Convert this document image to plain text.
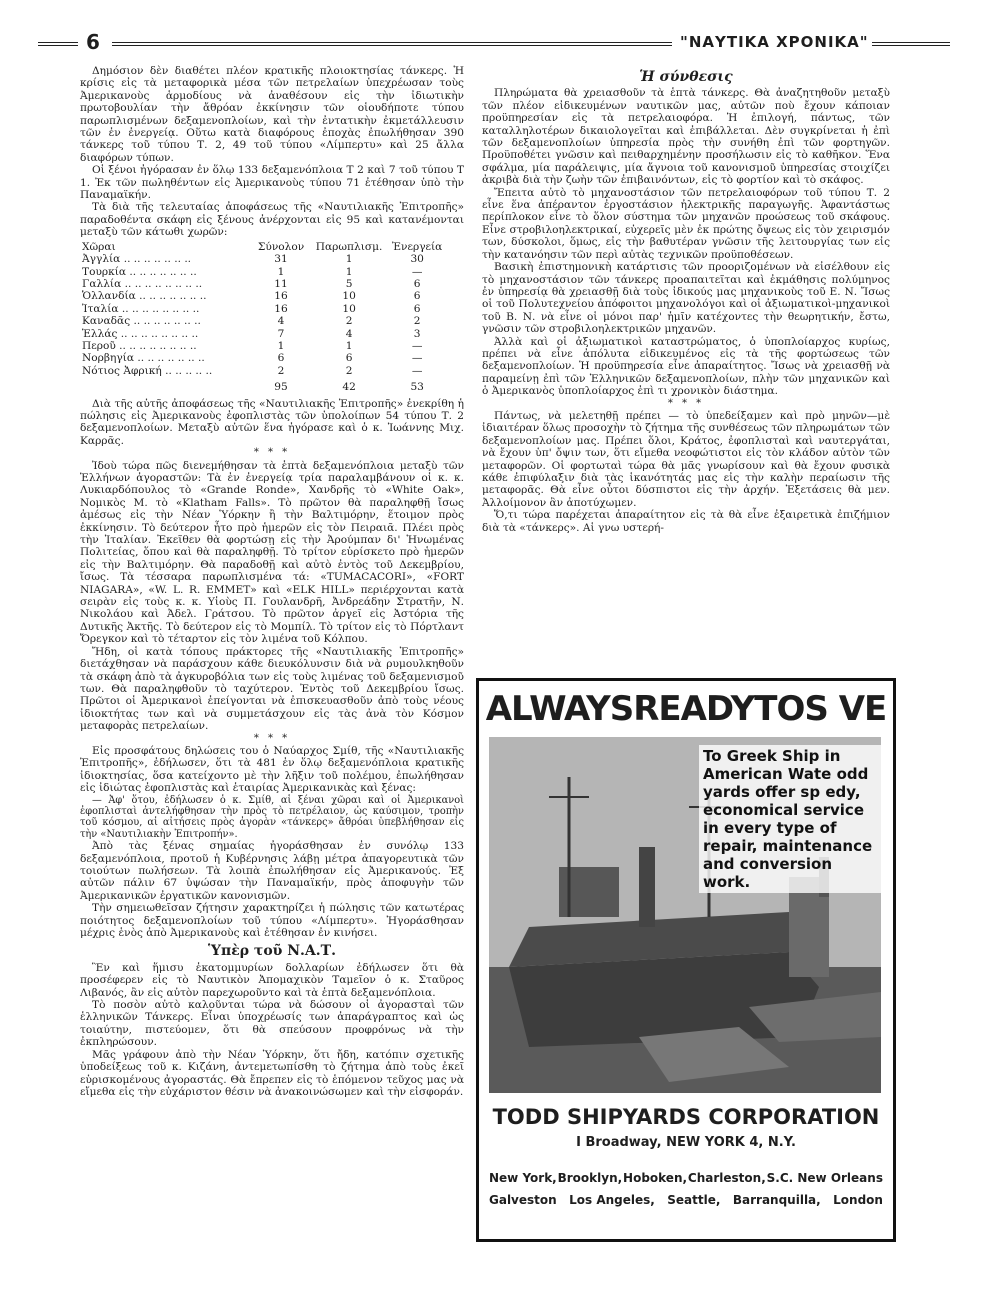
6	"ΝΑΥΤΙΚΑ ΧΡΟΝΙΚΑ"

Δημόσιον δὲν διαθέτει πλέον κρατικῆς πλοιοκτησίας τάνκερς. Ἡ κρίσις εἰς τὰ μεταφορικὰ μέσα τῶν πετρελαίων ὑπεχρέωσαν τοὺς Ἀμερικανοὺς ἁρμοδίους νὰ ἀναθέσουν εἰς τὴν ἰδιωτικὴν πρωτοβουλίαν τὴν ἄθρόαν ἐκκίνησιν τῶν οἱουδήποτε τύπου παρωπλισμένων δεξαμενοπλοίων, καὶ τὴν ἐντατικὴν ἐκμετάλλευσιν τῶν ἐν ἐνεργείᾳ. Οὕτω κατὰ διαφόρους ἐποχὰς ἐπωλήθησαν 390 τάνκερς τοῦ τύπου Τ. 2, 49 τοῦ τύπου «Λίμπερτυ» καὶ 25 ἄλλα διαφόρων τύπων.

Οἱ ξένοι ἠγόρασαν ἐν ὅλῳ 133 δεξαμενόπλοια Τ 2 καὶ 7 τοῦ τύπου Τ 1. Ἐκ τῶν πωληθέντων εἰς Ἀμερικανοὺς τύπου 71 ἐτέθησαν ὑπὸ τὴν Παναμαϊκήν.

Τὰ διὰ τῆς τελευταίας ἀποφάσεως τῆς «Ναυτιλιακῆς Ἐπιτροπῆς» παραδοθέντα σκάφη εἰς ξένους ἀνέρχονται εἰς 95 καὶ κατανέμονται μεταξὺ τῶν κάτωθι χωρῶν:

Χῶραι	Σύνολον	Παρωπλισμ.	Ἐνεργεία
Ἀγγλία .. .. .. .. .. .. ..	31	1	30
Τουρκία .. .. .. .. .. .. ..	1	1	—
Γαλλία .. .. .. .. .. .. .. ..	11	5	6
Ὁλλανδία .. .. .. .. .. .. ..	16	10	6
Ἰταλία .. .. .. .. .. .. .. ..	16	10	6
Καναδᾶς .. .. .. .. .. .. ..	4	2	2
Ἑλλάς .. .. .. .. .. .. .. ..	7	4	3
Περοῦ .. .. .. .. .. .. .. ..	1	1	—
Νορβηγία .. .. .. .. .. .. ..	6	6	—
Νότιος Ἀφρική .. .. .. .. ..	2	2	—
	95	42	53

Διὰ τῆς αὐτῆς ἀποφάσεως τῆς «Ναυτιλιακῆς Ἐπιτροπῆς» ἐνεκρίθη ἡ πώλησις εἰς Ἀμερικανοὺς ἐφοπλιστὰς τῶν ὑπολοίπων 54 τύπου Τ. 2 δεξαμενοπλοίων. Μεταξὺ αὐτῶν ἕνα ἠγόρασε καὶ ὁ κ. Ἰωάννης Μιχ. Καρρᾶς.

* * *

Ἰδοὺ τώρα πῶς διενεμήθησαν τὰ ἑπτὰ δεξαμενόπλοια μεταξὺ τῶν Ἑλλήνων ἀγοραστῶν: Τὰ ἐν ἐνεργείᾳ τρία παραλαμβάνουν οἱ κ. κ. Λυκιαρδόπουλος τὸ «Grande Ronde», Χανδρῆς τὸ «White Oak», Νομικὸς Μ. τὸ «Klatham Falls». Τὸ πρῶτον θὰ παραληφθῇ ἴσως ἀμέσως εἰς τὴν Νέαν Ὑόρκην ἢ τὴν Βαλτιμόρην, ἕτοιμον πρὸς ἐκκίνησιν. Τὸ δεύτερον ἦτο πρὸ ἡμερῶν εἰς τὸν Πειραιᾶ. Πλέει πρὸς τὴν Ἰταλίαν. Ἐκεῖθεν θὰ φορτώσῃ εἰς τὴν Ἀρούμπαν δι' Ἡνωμένας Πολιτείας, ὅπου καὶ θὰ παραληφθῇ. Τὸ τρίτον εὑρίσκετο πρὸ ἡμερῶν εἰς τὴν Βαλτιμόρην. Θὰ παραδοθῇ καὶ αὐτὸ ἐντὸς τοῦ Δεκεμβρίου, ἴσως. Τὰ τέσσαρα παρωπλισμένα τά: «TUMACACORI», «FORT NIAGARA», «W. L. R. EMMET» καὶ «ELK HILL» περιέρχονται κατὰ σειρὰν εἰς τοὺς κ. κ. Υἱοὺς Π. Γουλανδρῆ, Ἀνδρεάδην Στρατῆν, Ν. Νικολάου καὶ Ἀδελ. Γράτσου. Τὸ πρῶτον ἀργεῖ εἰς Ἀστόρια τῆς Δυτικῆς Ἀκτῆς. Τὸ δεύτερον εἰς τὸ Μομπίλ. Τὸ τρίτον εἰς τὸ Πόρτλαντ Ὄρεγκον καὶ τὸ τέταρτον εἰς τὸν λιμένα τοῦ Κόλπου.

Ἤδη, οἱ κατὰ τόπους πράκτορες τῆς «Ναυτιλιακῆς Ἐπιτροπῆς» διετάχθησαν νὰ παράσχουν κάθε διευκόλυνσιν διὰ νὰ ρυμουλκηθοῦν τὰ σκάφη ἀπὸ τὰ ἀγκυροβόλια των εἰς τοὺς λιμένας τοῦ δεξαμενισμοῦ των. Θὰ παραληφθοῦν τὸ ταχύτερον. Ἐντὸς τοῦ Δεκεμβρίου ἴσως. Πρῶτοι οἱ Ἀμερικανοὶ ἐπείγονται νὰ ἐπισκευασθοῦν ἀπὸ τοὺς νέους ἰδιοκτήτας των καὶ νὰ συμμετάσχουν εἰς τὰς ἀνὰ τὸν Κόσμον μεταφορὰς πετρελαίων.

* * *

Εἰς προσφάτους δηλώσεις του ὁ Ναύαρχος Σμίθ, τῆς «Ναυτιλιακῆς Ἐπιτροπῆς», ἐδήλωσεν, ὅτι τὰ 481 ἐν ὅλῳ δεξαμενόπλοια κρατικῆς ἰδιοκτησίας, ὅσα κατείχοντο μὲ τὴν λῆξιν τοῦ πολέμου, ἐπωλήθησαν εἰς ἰδιώτας ἐφοπλιστὰς καὶ ἑταιρίας Ἀμερικανικὰς καὶ ξένας:

— Ἀφ' ὅτου, ἐδήλωσεν ὁ κ. Σμίθ, αἱ ξέναι χῶραι καὶ οἱ Ἀμερικανοὶ ἐφοπλισταὶ ἀντελήφθησαν τὴν πρὸς τὸ πετρέλαιον, ὡς καύσιμον, τροπὴν τοῦ κόσμου, αἱ αἰτήσεις πρὸς ἀγορὰν «τάνκερς» ἄθρόαι ὑπεβλήθησαν εἰς τὴν «Ναυτιλιακὴν Ἐπιτροπήν».

Ἀπὸ τὰς ξένας σημαίας ἠγοράσθησαν ἐν συνόλῳ 133 δεξαμενόπλοια, προτοῦ ἡ Κυβέρνησις λάβῃ μέτρα ἀπαγορευτικὰ τῶν τοιούτων πωλήσεων. Τὰ λοιπὰ ἐπωλήθησαν εἰς Ἀμερικανούς. Ἐξ αὐτῶν πάλιν 67 ὑψώσαν τὴν Παναμαϊκήν, πρὸς ἀποφυγὴν τῶν Ἀμερικανικῶν ἐργατικῶν κανονισμῶν.

Τὴν σημειωθεῖσαν ζήτησιν χαρακτηρίζει ἡ πώλησις τῶν κατωτέρας ποιότητος δεξαμενοπλοίων τοῦ τύπου «Λίμπερτυ». Ἠγοράσθησαν μέχρις ἑνὸς ἀπὸ Ἀμερικανοὺς καὶ ἐτέθησαν ἐν κινήσει.

Ὑπὲρ τοῦ Ν.Α.Τ.

Ἓν καὶ ἥμισυ ἑκατομμυρίων δολλαρίων ἐδήλωσεν ὅτι θὰ προσέφερεν εἰς τὸ Ναυτικὸν Ἀπομαχικὸν Ταμεῖον ὁ κ. Σταῦρος Λιβανός, ἂν εἰς αὐτὸν παρεχωροῦντο καὶ τὰ ἑπτὰ δεξαμενόπλοια.

Τὸ ποσὸν αὐτὸ καλοῦνται τώρα νὰ δώσουν οἱ ἀγορασταὶ τῶν ἑλληνικῶν Τάνκερς. Εἶναι ὑποχρέωσίς των ἀπαράγραπτος καὶ ὡς τοιαύτην, πιστεύομεν, ὅτι θὰ σπεύσουν προφρόνως νὰ τὴν ἐκπληρώσουν.

Μᾶς γράφουν ἀπὸ τὴν Νέαν Ὑόρκην, ὅτι ἤδη, κατόπιν σχετικῆς ὑποδείξεως τοῦ κ. Κιζάνη, ἀντεμετωπίσθη τὸ ζήτημα ἀπὸ τοὺς ἐκεῖ εὑρισκομένους ἀγοραστάς. Θὰ ἔπρεπεν εἰς τὸ ἑπόμενον τεῦχος μας νὰ εἴμεθα εἰς τὴν εὐχάριστον θέσιν νὰ ἀνακοινώσωμεν καὶ τὴν εἰσφοράν.

Ἡ σύνθεσις

Πληρώματα θὰ χρειασθοῦν τὰ ἑπτὰ τάνκερς. Θὰ ἀναζητηθοῦν μεταξὺ τῶν πλέον εἰδικευμένων ναυτικῶν μας, αὐτῶν ποὺ ἔχουν κάποιαν προϋπηρεσίαν εἰς τὰ πετρελαιοφόρα. Ἡ ἐπιλογή, πάντως, τῶν καταλληλοτέρων δικαιολογεῖται καὶ ἐπιβάλλεται. Δὲν συγκρίνεται ἡ ἐπὶ τῶν δεξαμενοπλοίων ὑπηρεσία πρὸς τὴν συνήθη ἐπὶ τῶν φορτηγῶν. Προϋποθέτει γνῶσιν καὶ πειθαρχημένην προσήλωσιν εἰς τὸ καθῆκον. Ἕνα σφάλμα, μία παράλειψις, μία ἄγνοια τοῦ κανονισμοῦ ὑπηρεσίας στοιχίζει ἀκριβὰ διὰ τὴν ζωὴν τῶν ἐπιβαινόντων, εἰς τὸ φορτίον καὶ τὸ σκάφος.

Ἔπειτα αὐτὸ τὸ μηχανοστάσιον τῶν πετρελαιοφόρων τοῦ τύπου Τ. 2 εἶνε ἕνα ἀπέραντον ἐργοστάσιον ἠλεκτρικῆς παραγωγῆς. Ἀφαντάστως περίπλοκον εἶνε τὸ ὅλον σύστημα τῶν μηχανῶν προώσεως τοῦ σκάφους. Εἶνε στροβιλοηλεκτρικαί, εὐχερεῖς μὲν ἐκ πρώτης ὄψεως εἰς τὸν χειρισμόν των, δύσκολοι, ὅμως, εἰς τὴν βαθυτέραν γνῶσιν τῆς λειτουργίας των εἰς τὴν κατανόησιν τῶν περὶ αὐτὰς τεχνικῶν προϋποθέσεων.

Βασικὴ ἐπιστημονικὴ κατάρτισις τῶν προοριζομένων νὰ εἰσέλθουν εἰς τὸ μηχανοστάσιον τῶν τάνκερς προαπαιτεῖται καὶ ἐκμάθησις πολύμηνος ἐν ὑπηρεσίᾳ θὰ χρειασθῇ διὰ τοὺς ἰδικούς μας μηχανικοὺς τοῦ Ε. Ν. Ἴσως οἱ τοῦ Πολυτεχνείου ἀπόφοιτοι μηχανολόγοι καὶ οἱ ἀξιωματικοὶ-μηχανικοὶ τοῦ Β. Ν. νὰ εἶνε οἱ μόνοι παρ' ἡμῖν κατέχοντες τὴν θεωρητικήν, ἔστω, γνῶσιν τῶν στροβιλοηλεκτρικῶν μηχανῶν.

Ἀλλὰ καὶ οἱ ἀξιωματικοὶ καταστρώματος, ὁ ὑποπλοίαρχος κυρίως, πρέπει νὰ εἶνε ἀπόλυτα εἰδικευμένος εἰς τὰ τῆς φορτώσεως τῶν δεξαμενοπλοίων. Ἡ προϋπηρεσία εἶνε ἀπαραίτητος. Ἴσως νὰ χρειασθῇ νὰ παραμείνῃ ἐπὶ τῶν Ἑλληνικῶν δεξαμενοπλοίων, πλὴν τῶν μηχανικῶν καὶ ὁ Ἀμερικανὸς ὑποπλοίαρχος ἐπὶ τι χρονικὸν διάστημα.

* * *

Πάντως, νὰ μελετηθῇ πρέπει — τὸ ὑπεδείξαμεν καὶ πρὸ μηνῶν—μὲ ἰδιαιτέραν ὅλως προσοχὴν τὸ ζήτημα τῆς συνθέσεως τῶν πληρωμάτων τῶν δεξαμενοπλοίων μας. Πρέπει ὅλοι, Κράτος, ἐφοπλισταὶ καὶ ναυτεργάται, νὰ ἔχουν ὑπ' ὄψιν των, ὅτι εἴμεθα νεοφώτιστοι εἰς τὸν κλάδον αὐτὸν τῶν μεταφορῶν. Οἱ φορτωταὶ τώρα θὰ μᾶς γνωρίσουν καὶ θὰ ἔχουν φυσικὰ κάθε ἐπιφύλαξιν διὰ τὰς ἱκανότητάς μας εἰς τὴν καλὴν περαίωσιν τῆς μεταφορᾶς. Θὰ εἶνε οὗτοι δύσπιστοι εἰς τὴν ἀρχήν. Ἐξετάσεις θὰ μεν. Ἀλλοίμονον ἂν ἀποτύχωμεν.

Ὅ,τι τώρα παρέχεται ἀπαραίτητον εἰς τὰ θὰ εἶνε ἐξαιρετικὰ ἐπιζήμιον διὰ τὰ «τάνκερς». Αἱ γνω υστερή-

ALWAYSREADYTOS VE
To Greek Ship in American Wate odd yards offer sp edy, economical service in every type of repair, maintenance and conversion work.
TODD SHIPYARDS CORPORATION
I Broadway, NEW YORK 4, N.Y.
New York, Brooklyn, Hoboken, Charleston, S.C. New Orleans
Galveston Los Angeles, Seattle, Barranquilla, London
